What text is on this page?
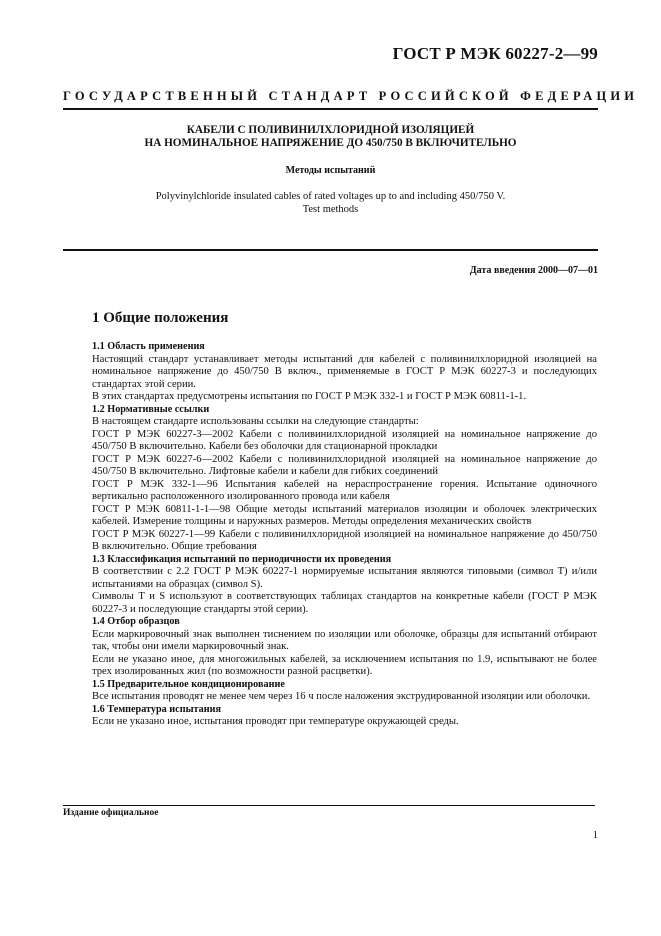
ГОСТ Р МЭК 60227-2—99
ГОСУДАРСТВЕННЫЙ СТАНДАРТ РОССИЙСКОЙ ФЕДЕРАЦИИ
КАБЕЛИ С ПОЛИВИНИЛХЛОРИДНОЙ ИЗОЛЯЦИЕЙ
НА НОМИНАЛЬНОЕ НАПРЯЖЕНИЕ ДО 450/750 В ВКЛЮЧИТЕЛЬНО
Методы испытаний
Polyvinylchloride insulated cables of rated voltages up to and including 450/750 V.
Test methods
Дата введения 2000—07—01
1 Общие положения

1.1 Область применения

Настоящий стандарт устанавливает методы испытаний для кабелей с поливинилхлоридной изоляцией на номинальное напряжение до 450/750 В включ., применяемые в ГОСТ Р МЭК 60227-3 и последующих стандартах этой серии.

В этих стандартах предусмотрены испытания по ГОСТ Р МЭК 332-1 и ГОСТ Р МЭК 60811-1-1.

1.2 Нормативные ссылки

В настоящем стандарте использованы ссылки на следующие стандарты:

ГОСТ Р МЭК 60227-3—2002 Кабели с поливинилхлоридной изоляцией на номинальное напряжение до 450/750 В включительно. Кабели без оболочки для стационарной прокладки

ГОСТ Р МЭК 60227-6—2002 Кабели с поливинилхлоридной изоляцией на номинальное напряжение до 450/750 В включительно. Лифтовые кабели и кабели для гибких соединений

ГОСТ Р МЭК 332-1—96 Испытания кабелей на нераспространение горения. Испытание одиночного вертикально расположенного изолированного провода или кабеля

ГОСТ Р МЭК 60811-1-1—98 Общие методы испытаний материалов изоляции и оболочек электрических кабелей. Измерение толщины и наружных размеров. Методы определения механических свойств

ГОСТ Р МЭК 60227-1—99 Кабели с поливинилхлоридной изоляцией на номинальное напряжение до 450/750 В включительно. Общие требования

1.3 Классификация испытаний по периодичности их проведения

В соответствии с 2.2 ГОСТ Р МЭК 60227-1 нормируемые испытания являются типовыми (символ Т) и/или испытаниями на образцах (символ S).

Символы Т и S используют в соответствующих таблицах стандартов на конкретные кабели (ГОСТ Р МЭК 60227-3 и последующие стандарты этой серии).

1.4 Отбор образцов

Если маркировочный знак выполнен тиснением по изоляции или оболочке, образцы для испытаний отбирают так, чтобы они имели маркировочный знак.

Если не указано иное, для многожильных кабелей, за исключением испытания по 1.9, испытывают не более трех изолированных жил (по возможности разной расцветки).

1.5 Предварительное кондиционирование

Все испытания проводят не менее чем через 16 ч после наложения экструдированной изоляции или оболочки.

1.6 Температура испытания

Если не указано иное, испытания проводят при температуре окружающей среды.

Издание официальное
1
